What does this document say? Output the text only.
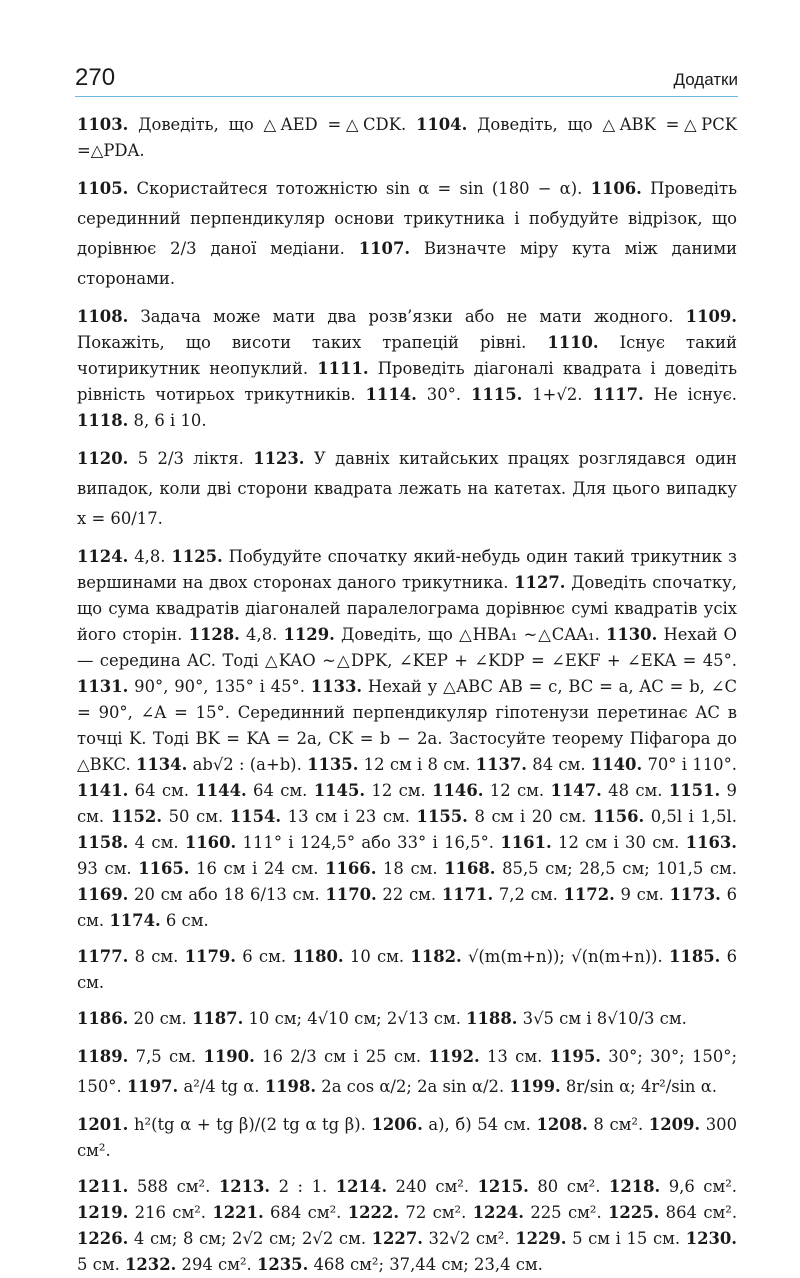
270	Додатки

1103. Доведіть, що △AED =△CDK. 1104. Доведіть, що △ABK =△PCK =△PDA.

1105. Скористайтеся тотожністю sin α = sin (180 − α). 1106. Проведіть серединний перпендикуляр основи трикутника і побудуйте відрізок, що дорівнює 2/3 даної медіани. 1107. Визначте міру кута між даними сторонами.

1108. Задача може мати два розв’язки або не мати жодного. 1109. Покажіть, що висоти таких трапецій рівні. 1110. Існує такий чотирикутник неопуклий. 1111. Проведіть діагоналі квадрата і доведіть рівність чотирьох трикутників. 1114. 30°. 1115. 1+√2. 1117. Не існує. 1118. 8, 6 і 10.

1120. 5 2/3 ліктя. 1123. У давніх китайських працях розглядався один випадок, коли дві сторони квадрата лежать на катетах. Для цього випадку x = 60/17.

1124. 4,8. 1125. Побудуйте спочатку який-небудь один такий трикутник з вершинами на двох сторонах даного трикутника. 1127. Доведіть спочатку, що сума квадратів діагоналей паралелограма дорівнює сумі квадратів усіх його сторін. 1128. 4,8. 1129. Доведіть, що △HBA₁ ~△CAA₁. 1130. Нехай O — середина AC. Тоді △KAO ~△DPK, ∠KEP + ∠KDP = ∠EKF + ∠EKA = 45°. 1131. 90°, 90°, 135° і 45°. 1133. Нехай у △ABC AB = c, BC = a, AC = b, ∠C = 90°, ∠A = 15°. Серединний перпендикуляр гіпотенузи перетинає AC в точці K. Тоді BK = KA = 2a, CK = b − 2a. Застосуйте теорему Піфагора до △BKC. 1134. ab√2 : (a+b). 1135. 12 см і 8 см. 1137. 84 см. 1140. 70° і 110°. 1141. 64 см. 1144. 64 см. 1145. 12 см. 1146. 12 см. 1147. 48 см. 1151. 9 см. 1152. 50 см. 1154. 13 см і 23 см. 1155. 8 см і 20 см. 1156. 0,5l і 1,5l. 1158. 4 см. 1160. 111° і 124,5° або 33° і 16,5°. 1161. 12 см і 30 см. 1163. 93 см. 1165. 16 см і 24 см. 1166. 18 см. 1168. 85,5 см; 28,5 см; 101,5 см. 1169. 20 см або 18 6/13 см. 1170. 22 см. 1171. 7,2 см. 1172. 9 см. 1173. 6 см. 1174. 6 см.

1177. 8 см. 1179. 6 см. 1180. 10 см. 1182. √(m(m+n)); √(n(m+n)). 1185. 6 см.

1186. 20 см. 1187. 10 см; 4√10 см; 2√13 см. 1188. 3√5 см і 8√10/3 см.

1189. 7,5 см. 1190. 16 2/3 см і 25 см. 1192. 13 см. 1195. 30°; 30°; 150°; 150°. 1197. a²/4 tg α. 1198. 2a cos α/2; 2a sin α/2. 1199. 8r/sin α; 4r²/sin α.

1201. h²(tg α + tg β)/(2 tg α tg β). 1206. а), б) 54 см. 1208. 8 см². 1209. 300 см².

1211. 588 см². 1213. 2 : 1. 1214. 240 см². 1215. 80 см². 1218. 9,6 см². 1219. 216 см². 1221. 684 см². 1222. 72 см². 1224. 225 см². 1225. 864 см². 1226. 4 см; 8 см; 2√2 см; 2√2 см. 1227. 32√2 см². 1229. 5 см і 15 см. 1230. 5 см. 1232. 294 см². 1235. 468 см²; 37,44 см; 23,4 см.
